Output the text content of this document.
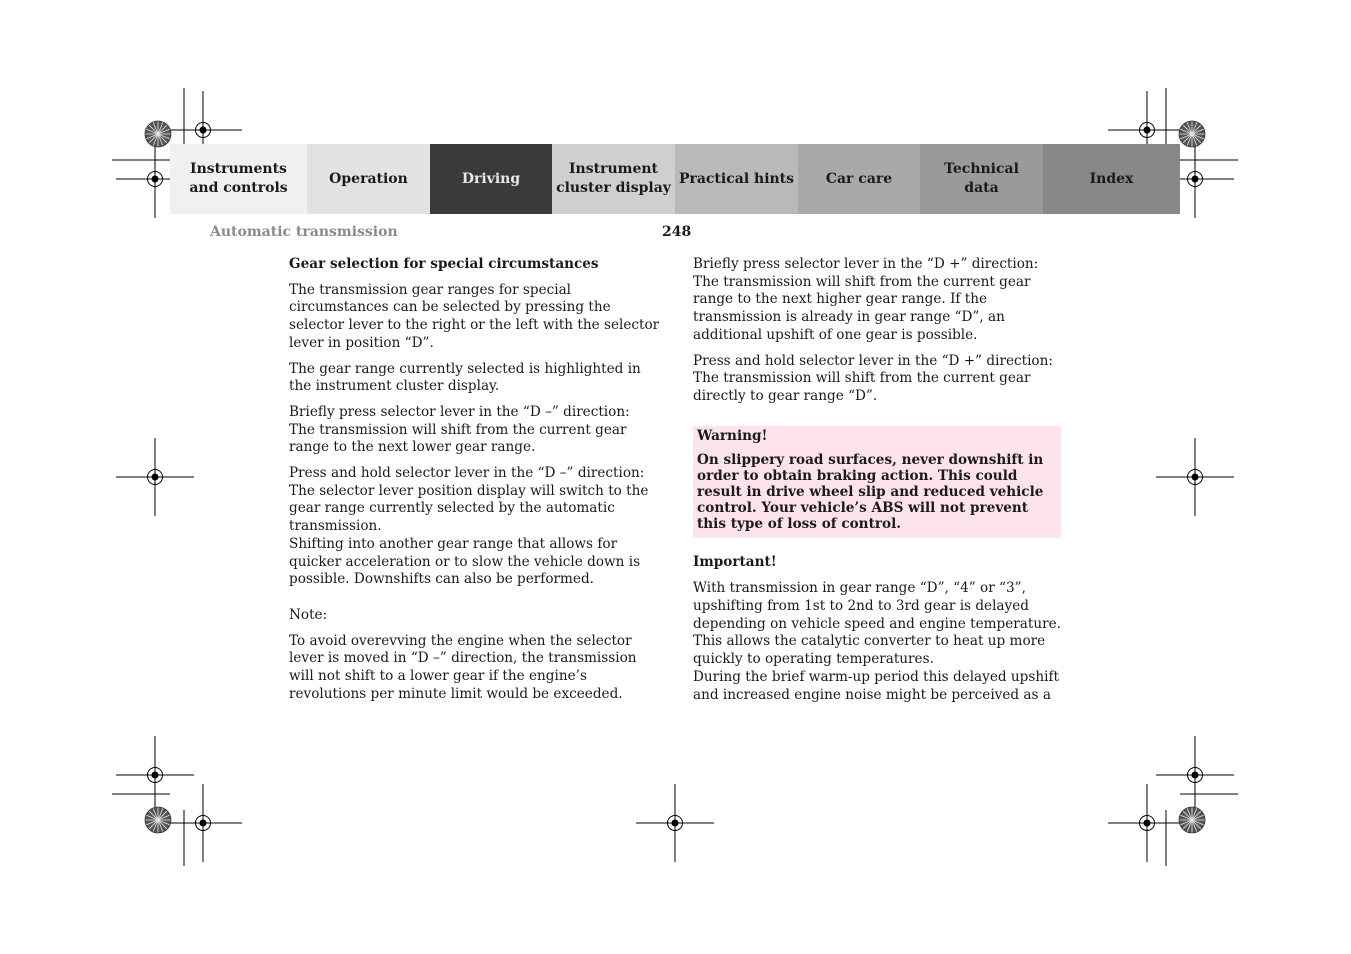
Instruments
and controls
Operation	Driving
Instrument
cluster display
Practical hints Car care
Technical
data
Index
Automatic transmission	248

Gear selection for special circumstances

The transmission gear ranges for special circumstances can be selected by pressing the selector lever to the right or the left with the selector lever in position “D”.

The gear range currently selected is highlighted in the instrument cluster display.

Briefly press selector lever in the “D –” direction:
The transmission will shift from the current gear range to the next lower gear range.

Press and hold selector lever in the “D –” direction:
The selector lever position display will switch to the gear range currently selected by the automatic transmission.
Shifting into another gear range that allows for quicker acceleration or to slow the vehicle down is possible. Downshifts can also be performed.

Note:

To avoid overevving the engine when the selector lever is moved in “D –” direction, the transmission will not shift to a lower gear if the engine’s revolutions per minute limit would be exceeded.

Briefly press selector lever in the “D +” direction:
The transmission will shift from the current gear range to the next higher gear range. If the transmission is already in gear range “D”, an additional upshift of one gear is possible.

Press and hold selector lever in the “D +” direction:
The transmission will shift from the current gear directly to gear range “D”.

Warning!

On slippery road surfaces, never downshift in order to obtain braking action. This could result in drive wheel slip and reduced vehicle control. Your vehicle’s ABS will not prevent this type of loss of control.

Important!

With transmission in gear range “D”, “4” or “3”, upshifting from 1st to 2nd to 3rd gear is delayed depending on vehicle speed and engine temperature. This allows the catalytic converter to heat up more quickly to operating temperatures.
During the brief warm-up period this delayed upshift and increased engine noise might be perceived as a
